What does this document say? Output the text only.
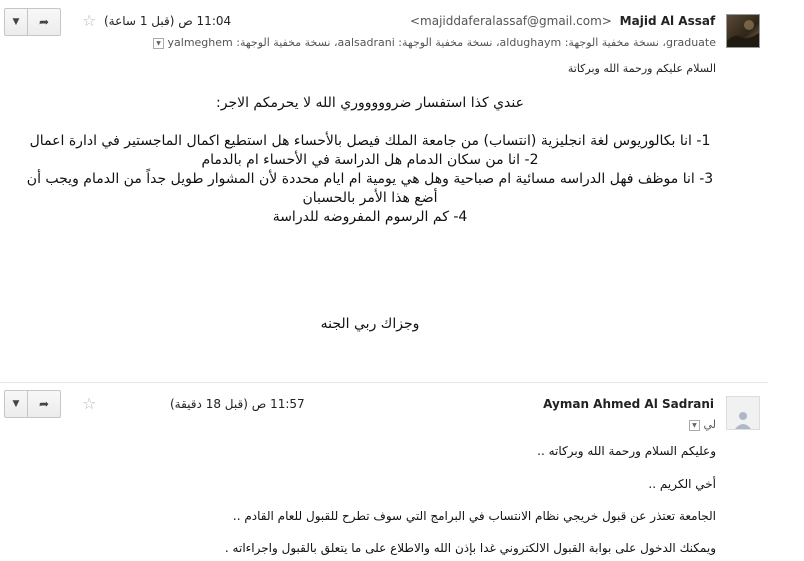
▼	➦	☆	11:04 ص (قبل 1 ساعة)	<majiddaferalassaf@gmail.com> Majid Al Assaf
▼ graduate، نسخة مخفية الوجهة: aldughaym، نسخة مخفية الوجهة: aalsadrani، نسخة مخفية الوجهة: yalmeghem
السلام عليكم ورحمة الله وبركاتة
عندي كذا استفسار ضروووووري الله لا يحرمكم الاجر:
1- انا بكالوريوس لغة انجليزية (انتساب) من جامعة الملك فيصل بالأحساء هل استطيع اكمال الماجستير في ادارة اعمال
2- انا من سكان الدمام هل الدراسة في الأحساء ام بالدمام
3- انا موظف فهل الدراسه مسائية ام صباحية وهل هي يومية ام ايام محددة لأن المشوار طويل جداً من الدمام ويجب أن
أضع هذا الأمر بالحسبان
4- كم الرسوم المفروضه للدراسة
وجزاك ربي الجنه
▼	➦	☆	11:57 ص (قبل 18 دقيقة)	Ayman Ahmed Al Sadrani
▼ لي
وعليكم السلام ورحمة الله وبركاته ..
أخي الكريم ..
الجامعة تعتذر عن قبول خريجي نظام الانتساب في البرامج التي سوف تطرح للقبول للعام القادم ..
ويمكنك الدخول على بوابة القبول الالكتروني غدا بإذن الله والاطلاع على ما يتعلق بالقبول واجراءاته .
